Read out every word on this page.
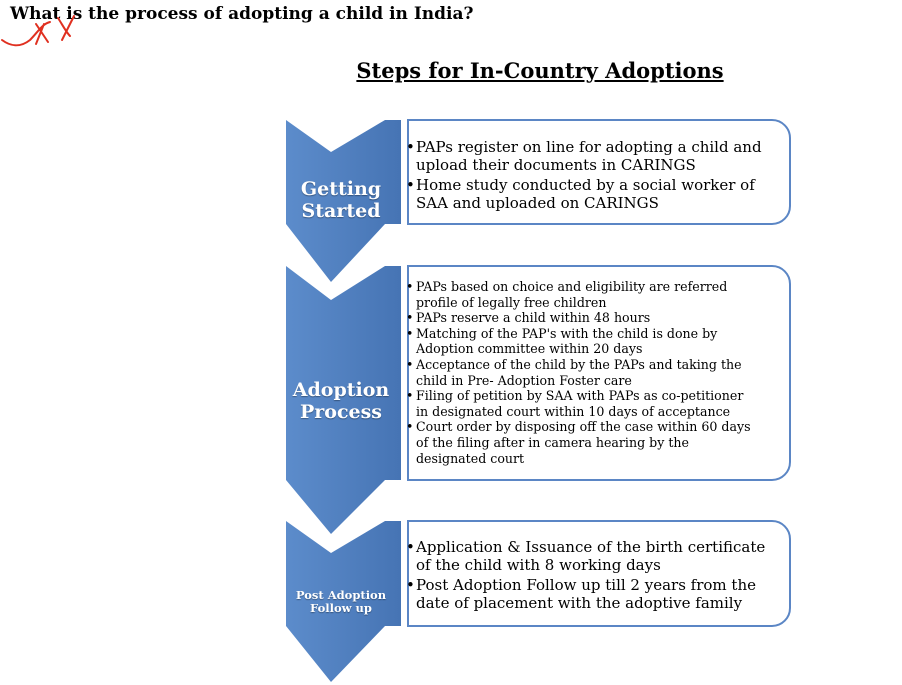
What is the process of adopting a child in India?
Steps for In-Country Adoptions
Getting
Started
Adoption
Process
Post Adoption
Follow up
• PAPs register on line for adopting a child and
upload their documents in CARINGS
• Home study conducted by a social worker of
SAA and uploaded on CARINGS
• PAPs based on choice and eligibility are referred
profile of legally free children
• PAPs reserve a child within 48 hours
• Matching of the PAP's with the child is done by
Adoption committee within 20 days
• Acceptance of the child by the PAPs and taking the
child in Pre- Adoption Foster care
• Filing of petition by SAA with PAPs as co-petitioner
in designated court within 10 days of acceptance
• Court order by disposing off the case within 60 days
of the filing after in camera hearing by the
designated court
• Application & Issuance of the birth certificate
of the child with 8 working days
• Post Adoption Follow up till 2 years from the
date of placement with the adoptive family
